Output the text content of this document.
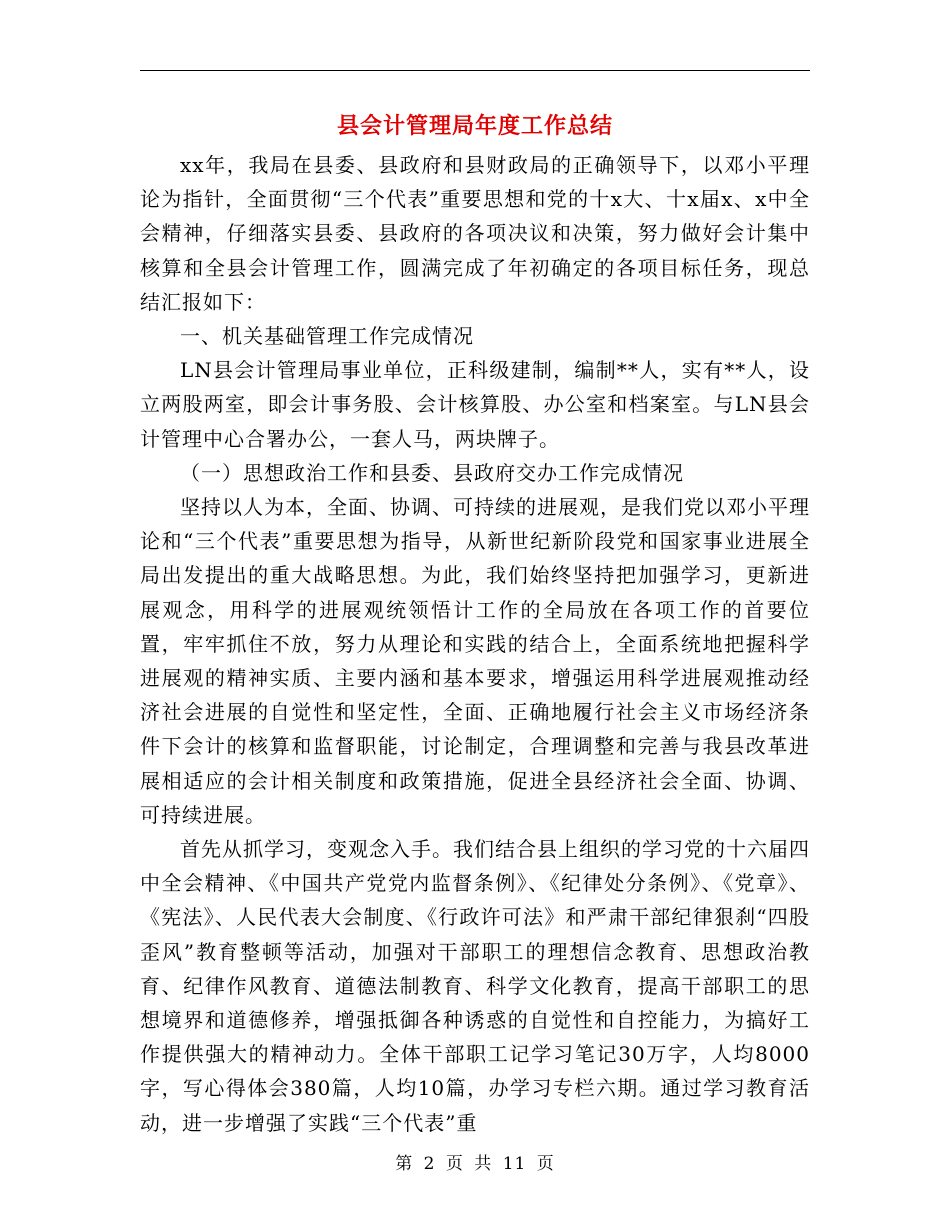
县会计管理局年度工作总结

xx年，我局在县委、县政府和县财政局的正确领导下，以邓小平理论为指针，全面贯彻“三个代表”重要思想和党的十x大、十x届x、x中全会精神，仔细落实县委、县政府的各项决议和决策，努力做好会计集中核算和全县会计管理工作，圆满完成了年初确定的各项目标任务，现总结汇报如下：

一、机关基础管理工作完成情况

LN县会计管理局事业单位，正科级建制，编制**人，实有**人，设立两股两室，即会计事务股、会计核算股、办公室和档案室。与LN县会计管理中心合署办公，一套人马，两块牌子。

（一）思想政治工作和县委、县政府交办工作完成情况

坚持以人为本，全面、协调、可持续的进展观，是我们党以邓小平理论和“三个代表”重要思想为指导，从新世纪新阶段党和国家事业进展全局出发提出的重大战略思想。为此，我们始终坚持把加强学习，更新进展观念，用科学的进展观统领悟计工作的全局放在各项工作的首要位置，牢牢抓住不放，努力从理论和实践的结合上，全面系统地把握科学进展观的精神实质、主要内涵和基本要求，增强运用科学进展观推动经济社会进展的自觉性和坚定性，全面、正确地履行社会主义市场经济条件下会计的核算和监督职能，讨论制定，合理调整和完善与我县改革进展相适应的会计相关制度和政策措施，促进全县经济社会全面、协调、可持续进展。

首先从抓学习，变观念入手。我们结合县上组织的学习党的十六届四中全会精神、《中国共产党党内监督条例》、《纪律处分条例》、《党章》、《宪法》、人民代表大会制度、《行政许可法》和严肃干部纪律狠刹“四股歪风”教育整顿等活动，加强对干部职工的理想信念教育、思想政治教育、纪律作风教育、道德法制教育、科学文化教育，提高干部职工的思想境界和道德修养，增强抵御各种诱惑的自觉性和自控能力，为搞好工作提供强大的精神动力。全体干部职工记学习笔记30万字，人均8000字，写心得体会380篇，人均10篇，办学习专栏六期。通过学习教育活动，进一步增强了实践“三个代表”重

第 2 页 共 11 页
